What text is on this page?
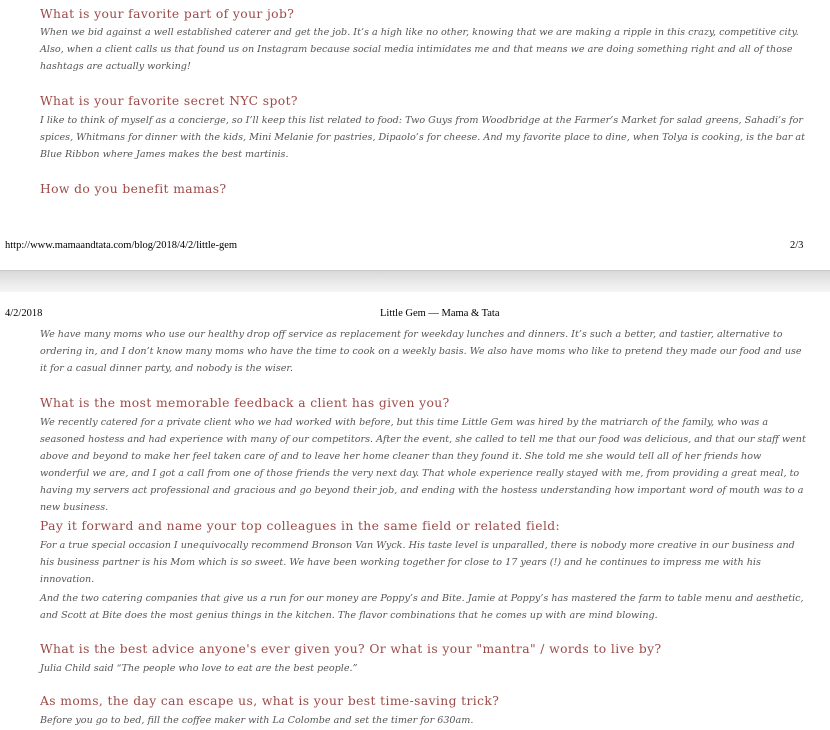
What is your favorite part of your job?

When we bid against a well established caterer and get the job. It’s a high like no other, knowing that we are making a ripple in this crazy, competitive city. Also, when a client calls us that found us on Instagram because social media intimidates me and that means we are doing something right and all of those hashtags are actually working!

What is your favorite secret NYC spot?

I like to think of myself as a concierge, so I’ll keep this list related to food: Two Guys from Woodbridge at the Farmer’s Market for salad greens, Sahadi’s for spices, Whitmans for dinner with the kids, Mini Melanie for pastries, Dipaolo’s for cheese. And my favorite place to dine, when Tolya is cooking, is the bar at Blue Ribbon where James makes the best martinis.

How do you benefit mamas?

http://www.mamaandtata.com/blog/2018/4/2/little-gem	2/3

4/2/2018	Little Gem — Mama & Tata

We have many moms who use our healthy drop off service as replacement for weekday lunches and dinners. It’s such a better, and tastier, alternative to ordering in, and I don’t know many moms who have the time to cook on a weekly basis. We also have moms who like to pretend they made our food and use it for a casual dinner party, and nobody is the wiser.

What is the most memorable feedback a client has given you?

We recently catered for a private client who we had worked with before, but this time Little Gem was hired by the matriarch of the family, who was a seasoned hostess and had experience with many of our competitors. After the event, she called to tell me that our food was delicious, and that our staff went above and beyond to make her feel taken care of and to leave her home cleaner than they found it. She told me she would tell all of her friends how wonderful we are, and I got a call from one of those friends the very next day. That whole experience really stayed with me, from providing a great meal, to having my servers act professional and gracious and go beyond their job, and ending with the hostess understanding how important word of mouth was to a new business.

Pay it forward and name your top colleagues in the same field or related field:

For a true special occasion I unequivocally recommend Bronson Van Wyck. His taste level is unparalled, there is nobody more creative in our business and his business partner is his Mom which is so sweet. We have been working together for close to 17 years (!) and he continues to impress me with his innovation.

And the two catering companies that give us a run for our money are Poppy’s and Bite. Jamie at Poppy’s has mastered the farm to table menu and aesthetic, and Scott at Bite does the most genius things in the kitchen. The flavor combinations that he comes up with are mind blowing.

What is the best advice anyone's ever given you? Or what is your "mantra" / words to live by?

Julia Child said “The people who love to eat are the best people.”

As moms, the day can escape us, what is your best time-saving trick?

Before you go to bed, fill the coffee maker with La Colombe and set the timer for 630am.
